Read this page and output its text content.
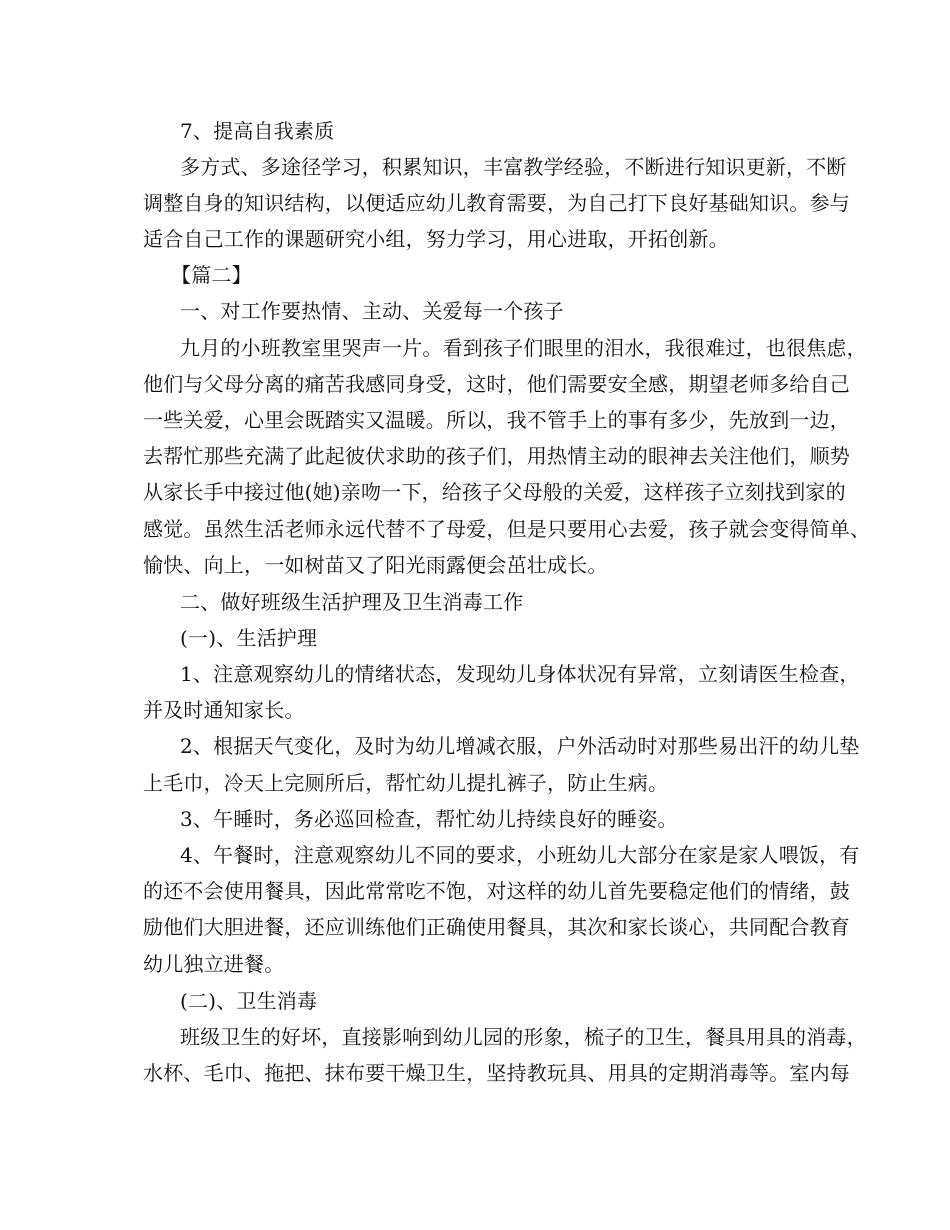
7、提高自我素质
多方式、多途径学习，积累知识，丰富教学经验，不断进行知识更新，不断
调整自身的知识结构，以便适应幼儿教育需要，为自己打下良好基础知识。参与
适合自己工作的课题研究小组，努力学习，用心进取，开拓创新。
【篇二】
一、对工作要热情、主动、关爱每一个孩子
九月的小班教室里哭声一片。看到孩子们眼里的泪水，我很难过，也很焦虑，
他们与父母分离的痛苦我感同身受，这时，他们需要安全感，期望老师多给自己
一些关爱，心里会既踏实又温暖。所以，我不管手上的事有多少，先放到一边，
去帮忙那些充满了此起彼伏求助的孩子们，用热情主动的眼神去关注他们，顺势
从家长手中接过他(她)亲吻一下，给孩子父母般的关爱，这样孩子立刻找到家的
感觉。虽然生活老师永远代替不了母爱，但是只要用心去爱，孩子就会变得简单、
愉快、向上，一如树苗又了阳光雨露便会茁壮成长。
二、做好班级生活护理及卫生消毒工作
(一)、生活护理
1、注意观察幼儿的情绪状态，发现幼儿身体状况有异常，立刻请医生检查，
并及时通知家长。
2、根据天气变化，及时为幼儿增减衣服，户外活动时对那些易出汗的幼儿垫
上毛巾，冷天上完厕所后，帮忙幼儿提扎裤子，防止生病。
3、午睡时，务必巡回检查，帮忙幼儿持续良好的睡姿。
4、午餐时，注意观察幼儿不同的要求，小班幼儿大部分在家是家人喂饭，有
的还不会使用餐具，因此常常吃不饱，对这样的幼儿首先要稳定他们的情绪，鼓
励他们大胆进餐，还应训练他们正确使用餐具，其次和家长谈心，共同配合教育
幼儿独立进餐。
(二)、卫生消毒
班级卫生的好坏，直接影响到幼儿园的形象，梳子的卫生，餐具用具的消毒，
水杯、毛巾、拖把、抹布要干燥卫生，坚持教玩具、用具的定期消毒等。室内每
